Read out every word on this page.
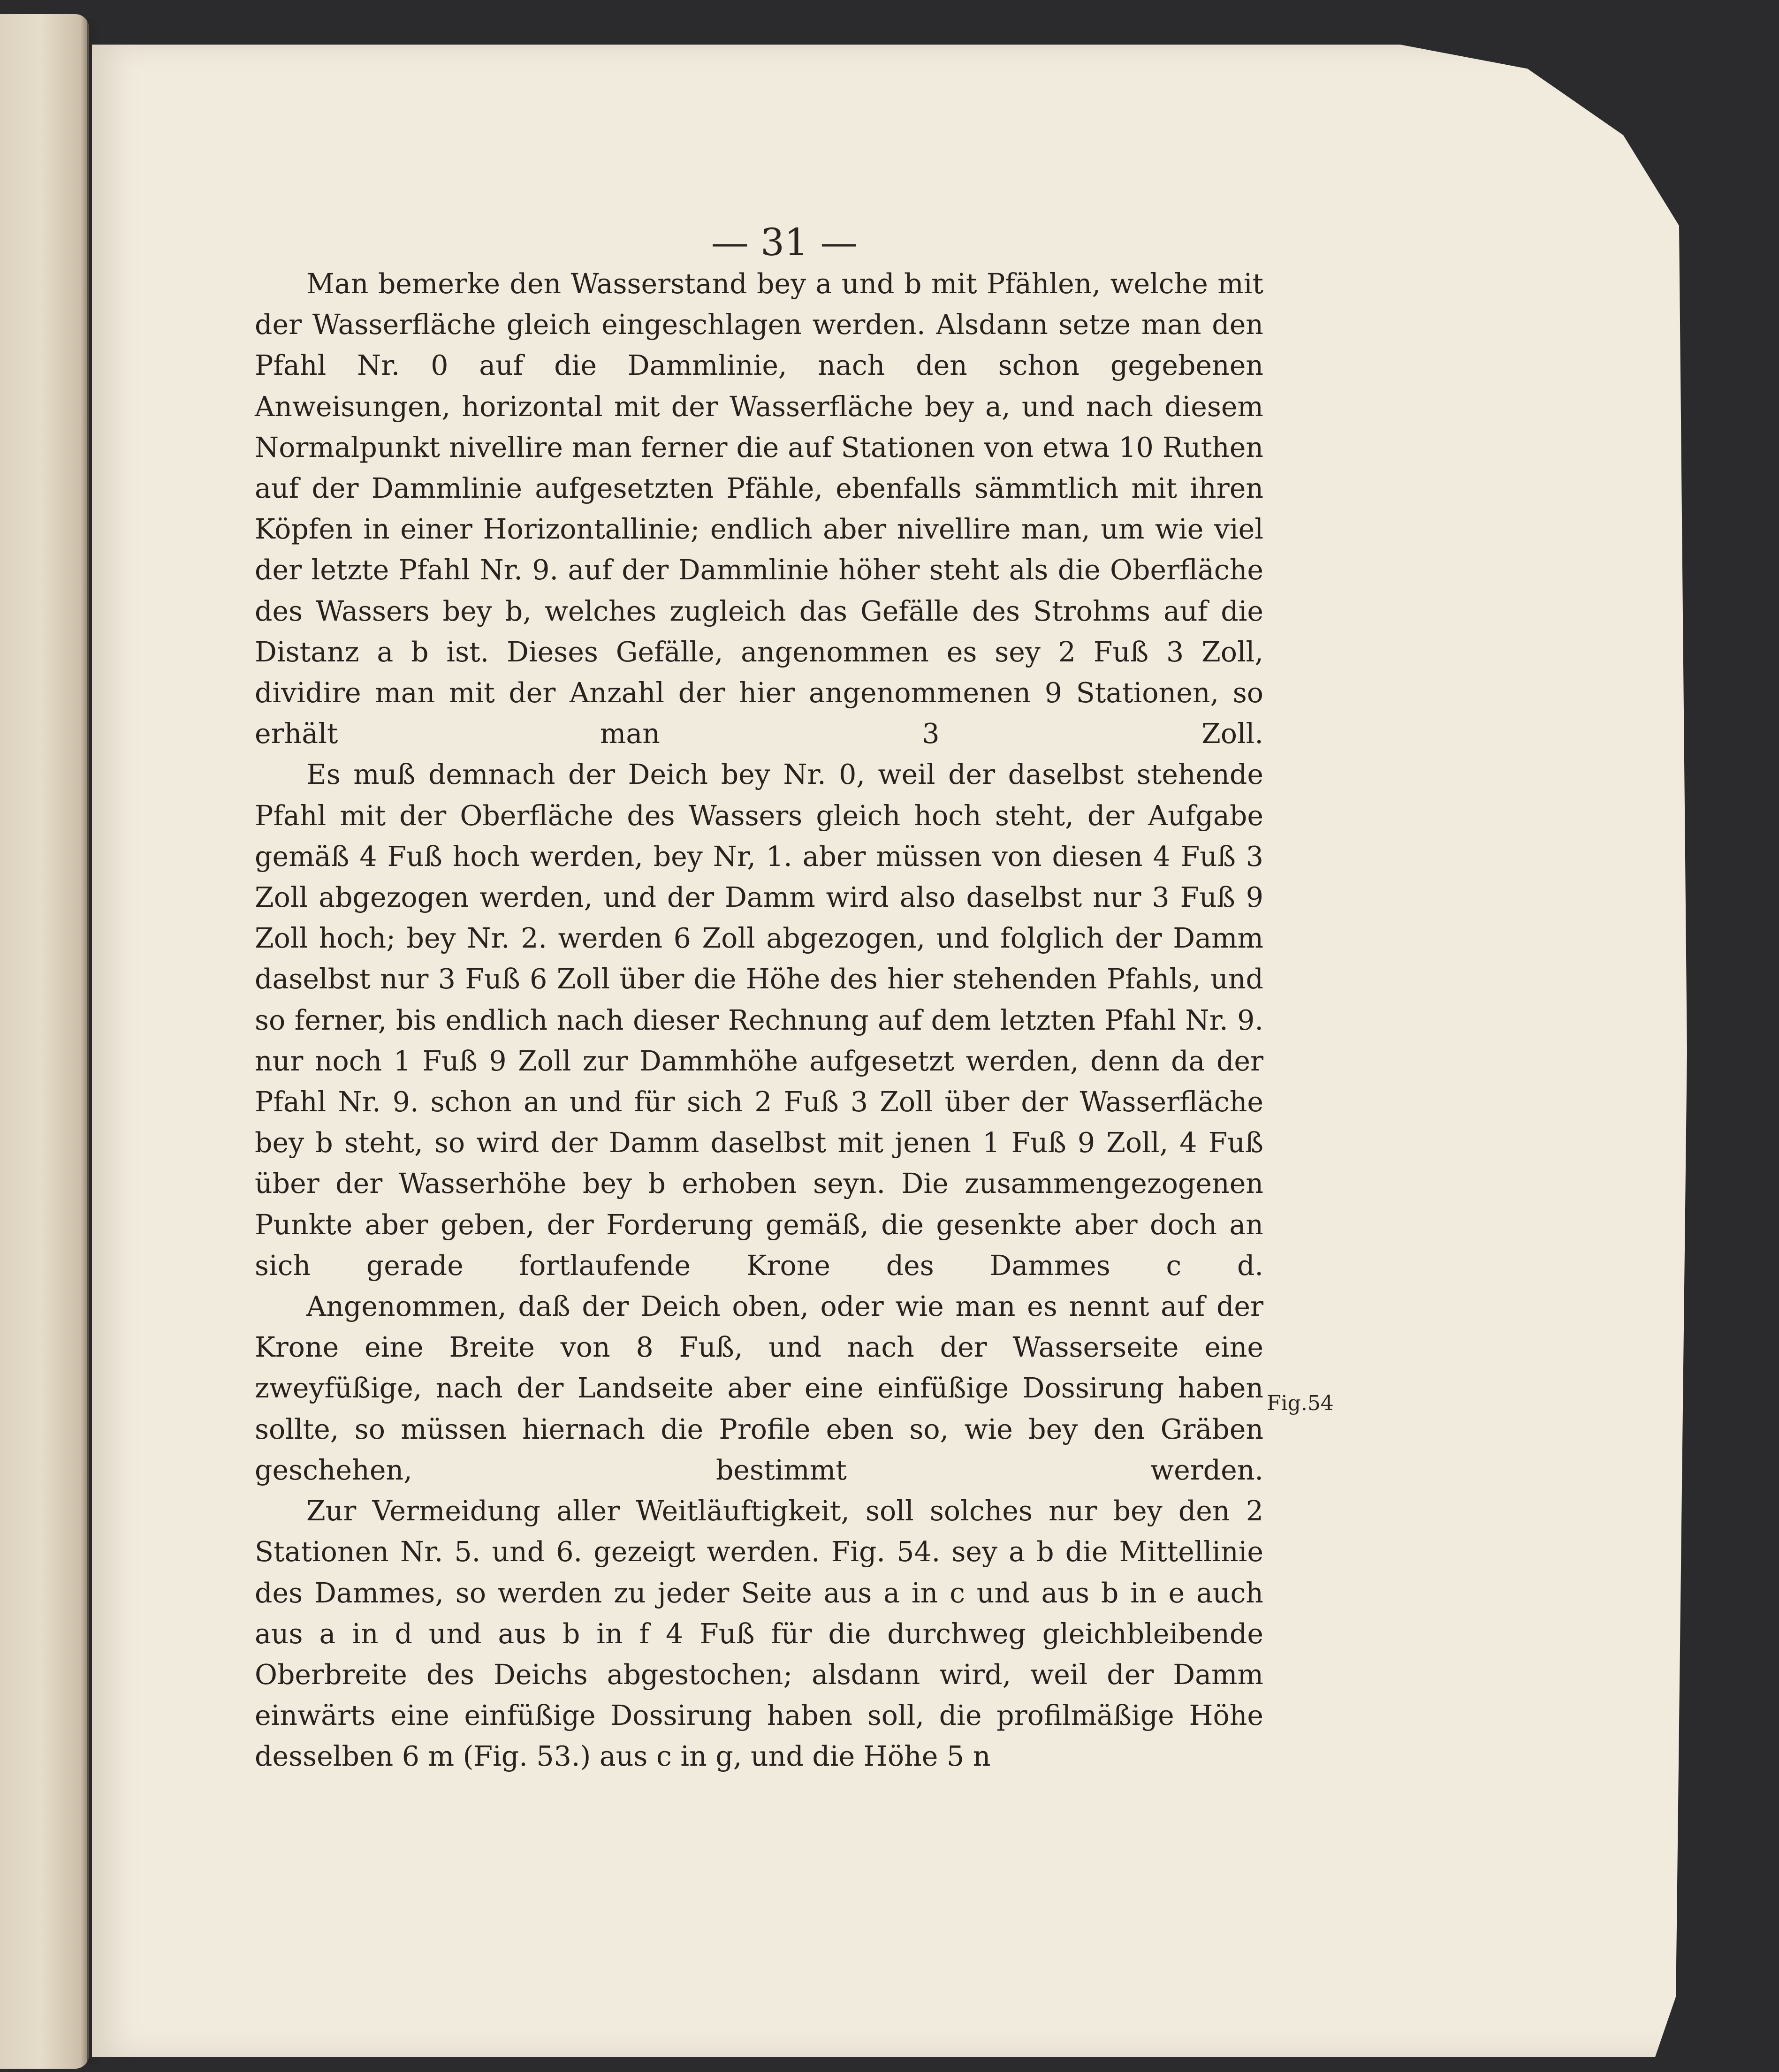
— 31 —

Man bemerke den Wasserstand bey a und b mit Pfählen, welche mit der Wasserfläche gleich eingeschlagen werden. Alsdann setze man den Pfahl Nr. 0 auf die Dammlinie, nach den schon gegebenen Anweisungen, horizontal mit der Wasserfläche bey a, und nach diesem Normalpunkt nivellire man ferner die auf Stationen von etwa 10 Ruthen auf der Dammlinie aufgesetzten Pfähle, ebenfalls sämmtlich mit ihren Köpfen in einer Horizontallinie; endlich aber nivellire man, um wie viel der letzte Pfahl Nr. 9. auf der Dammlinie höher steht als die Oberfläche des Wassers bey b, welches zugleich das Gefälle des Strohms auf die Distanz a b ist. Dieses Gefälle, angenommen es sey 2 Fuß 3 Zoll, dividire man mit der Anzahl der hier angenommenen 9 Stationen, so erhält man 3 Zoll.

Es muß demnach der Deich bey Nr. 0, weil der daselbst stehende Pfahl mit der Oberfläche des Wassers gleich hoch steht, der Aufgabe gemäß 4 Fuß hoch werden, bey Nr, 1. aber müssen von diesen 4 Fuß 3 Zoll abgezogen werden, und der Damm wird also daselbst nur 3 Fuß 9 Zoll hoch; bey Nr. 2. werden 6 Zoll abgezogen, und folglich der Damm daselbst nur 3 Fuß 6 Zoll über die Höhe des hier stehenden Pfahls, und so ferner, bis endlich nach dieser Rechnung auf dem letzten Pfahl Nr. 9. nur noch 1 Fuß 9 Zoll zur Dammhöhe aufgesetzt werden, denn da der Pfahl Nr. 9. schon an und für sich 2 Fuß 3 Zoll über der Wasserfläche bey b steht, so wird der Damm daselbst mit jenen 1 Fuß 9 Zoll, 4 Fuß über der Wasserhöhe bey b erhoben seyn. Die zusammengezogenen Punkte aber geben, der Forderung gemäß, die gesenkte aber doch an sich gerade fortlaufende Krone des Dammes c d.

Angenommen, daß der Deich oben, oder wie man es nennt auf der Krone eine Breite von 8 Fuß, und nach der Wasserseite eine zweyfüßige, nach der Landseite aber eine einfüßige Dossirung haben sollte, so müssen hiernach die Profile eben so, wie bey den Gräben geschehen, bestimmt werden.

Zur Vermeidung aller Weitläuftigkeit, soll solches nur bey den 2 Stationen Nr. 5. und 6. gezeigt werden. Fig. 54. sey a b die Mittellinie des Dammes, so werden zu jeder Seite aus a in c und aus b in e auch aus a in d und aus b in f 4 Fuß für die durchweg gleichbleibende Oberbreite des Deichs abgestochen; alsdann wird, weil der Damm einwärts eine einfüßige Dossirung haben soll, die profilmäßige Höhe desselben 6 m (Fig. 53.) aus c in g, und die Höhe 5 n

Fig.54
